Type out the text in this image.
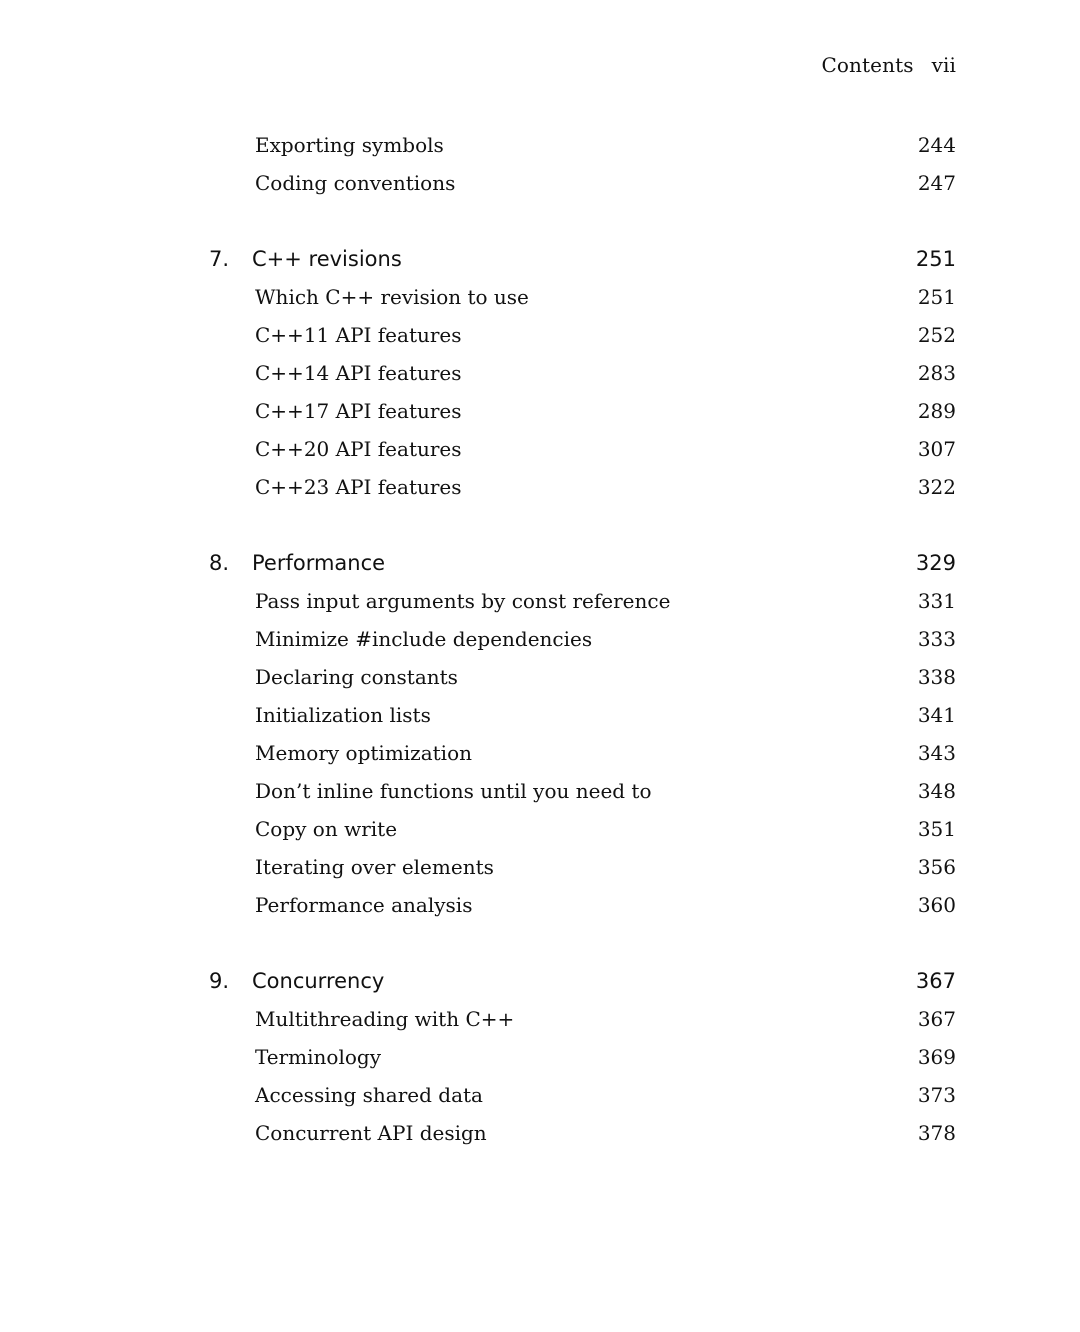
Contents vii
Exporting symbols	244
Coding conventions	247
7. C++ revisions	251
Which C++ revision to use	251
C++11 API features	252
C++14 API features	283
C++17 API features	289
C++20 API features	307
C++23 API features	322
8. Performance	329
Pass input arguments by const reference	331
Minimize #include dependencies	333
Declaring constants	338
Initialization lists	341
Memory optimization	343
Don’t inline functions until you need to	348
Copy on write	351
Iterating over elements	356
Performance analysis	360
9. Concurrency	367
Multithreading with C++	367
Terminology	369
Accessing shared data	373
Concurrent API design	378
